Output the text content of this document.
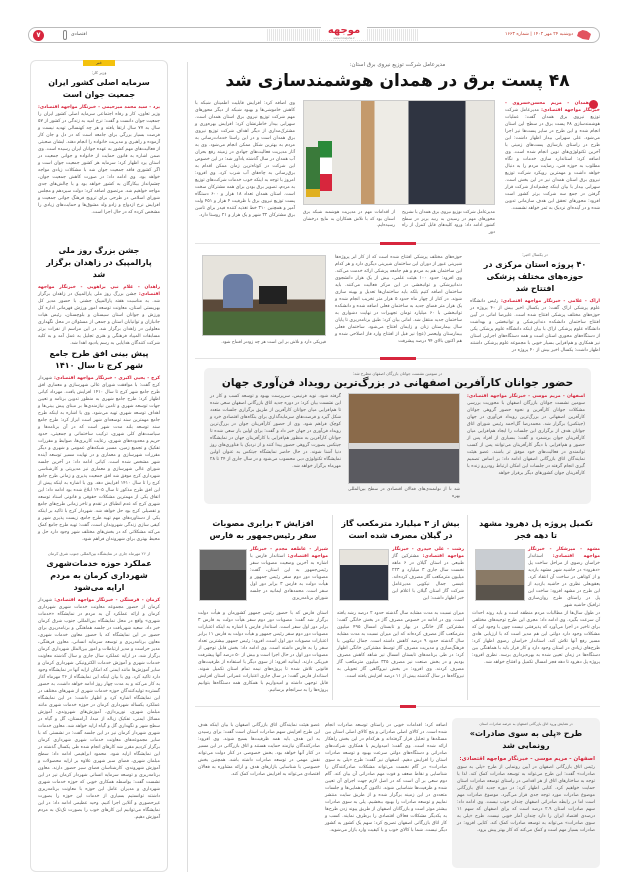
دوشنبه ۲۴ مهر ۱۴۰۲ | شماره ۱۶۶۳
موجهه
www.mowjehe.ir
اقتصادی
۷
خبر
وزیر کار:
سرمایه اصلی کشور ایران جمعیت جوان است
یزد - سید محمد میرحیمی - خبرنگار مواجهه اقتصادی: وزیر تعاون، کار و رفاه اجتماعی سرمایه اصلی کشور ایران را جمعیت جوان دانست و گفت: نرخ امید به زندگی در کشور از ۵۷ سال به ۷۷ سال ارتقا یافته و هر چه کهنسالی تهدید نیست و فرصت بسیار بزرگی برای جامعه است که در دل و جان کار آزموده و راهبری و مدیریت خانواده را انجام دهند. ایشان صحبتی از فعالیت‌های مهم کشور به عهده جوانان ایران رسیده است. وی ضمن اشاره به قانون حمایت از خانواده و جوانی جمعیت در استان یزد اظهار کرد: سرمایه هر کشور جمعیت جوان است و اگر کشوری فاقد جمعیت جوان شد با مشکلات زیادی مواجه خواهد بود. وی ادامه داد: در صورت کاهش جمعیت جوان، چشم‌انداز بیکارگان به کشور خواهد بود و با چالش‌های جدی مواجه خواهیم شد. مرتضوی اضافه کرد: دولت سیزدهم و مجلس شورای اسلامی در طرحی برای ترویج فرهنگ جوانی جمعیت و افزایش نرخ ازدواج و زادو ولد مشوق‌ها و حمایت‌های زیادی را مشخص کرده که در حال اجرا است.
جشن بزرگ روز ملی پارالمپیک در زاهدان برگزار شد
زاهدان - غلام نبی براهویی - خبرنگار مواجهه اقتصادی: جشن بزرگ روز ملی پارالمپیک در زاهدان برگزار شد. به مناسبت هفته پارالمپیک جشنی با حضور مدیر کل بهزیستی استان، معاونت توسعه امور ورزش قهرمانی اداره کل ورزش و جوانان استان سیستان و بلوچستان، رئیس هیات جانبازان و توانیابان استان و جمعی از مسئولان در محل نگهداری معلولین در زاهدان برگزار شد. در این مراسم از نفرات برتر مسابقات المپیاد فرهنگی و هنری تجلیل به عمل آمد و به کلیه شرکت کنندگان هدایایی به رسم یادبود اهدا شد.
پیش بینی افق طرح جامع شهر کرج تا سال ۱۴۱۰
کرج - یحیی اکبری - خبرنگار مواجهه اقتصادی: شهردار کرج گفت: با موافقت شورای عالی شهرسازی و معماری افق طرح جامع شهر کرج تا سال ۱۴۱۰ افزایش یافت. مهرداد کیانی اظهار کرد: طرح جامع شهری به منظور تدوین برنامه و تعیین جهات توسعه شهری و تامین نیازمندی‌ها بر مبنای پیش بینی‌ها و اهداف توسعه شهری تهیه می‌شود. وی با اشاره به اینکه طرح جامع مهمترین سند توسعه‌ای شهر است ابراز کرد: طرح جامع سند توسعه بلند مدت شهر است که در آن برنامه‌ها و سیاست‌های کلی شهری، ترکیب ساختمانی و جمعیتی، حدود حریم و محدوده‌های شهری، رعایت کاربری‌ها، ضوابط و مقررات تفکیک و تجمیع زمین، مسیر شبکه‌های عمومی و شهری و دیگر مقررات شهرسازی و معماری و در نهایت مسیر توسعه آینده شهر مشخص شده است. کیانی ادامه داد: در آخرین جلسه شورای عالی شهرسازی و معماری نیز مدیریتی و کارشناسی شهرداری کرج موفق شد افق جمعیت پذیری و زمانی طرح جامع کرج را تا سال ۱۴۱۰ افزایش دهد. وی با اشاره به اینکه پیش از این افق طرح مذکور تا سال ۱۴۰۵ ابلاغ شده بود ادامه داد: این اتفاق یکی از مهمترین مشکلات حقوقی و قانونی اسناد توسعه شهری کرج که عدم انطباق در تقدم و تاخر زمانی طرح‌های جامع و تفصیلی کرج بود حل خواهد شد. شهردار کرج با تاکید بر اینکه یکی از دستاوردهای مهم تهیه طرح جامع، زیست پذیری شهر و کیفی سازی زندگی شهروندان است، گفت: تهیه طرح جامع کمک می‌کند مشکلاتی که در بخش‌های مختلف شهر وجود دارد حل و محیط بهتری برای شهروندان فراهم شود.
از ۲۶ مهرماه جاری در نمایشگاه بین‌المللی جنوب شرق کرمان
عملکرد حوزه خدمات‌شهری شهرداری کرمان به مردم ارایه می‌شود
کرمان - فرستگی - خبرنگار مواجهه اقتصادی: شهردار کرمان از حضور مجموعه معاونت خدمات شهری شهرداری کرمان و ارائه عملکرد آن به مردم در نمایشگاه «خدمات شهری» واقع در محل نمایشگاه بین‌المللی جنوب شرق کرمان خبر داد. سعید شهربافت در جلسه هماهنگی و برنامه‌ریزی برای حضور در این نمایشگاه که با حضور معاون خدمات شهری، معاون برنامه‌ریزی و توسعه سرمایه انسانی، معاون فرهنگی، مدیر حراست و مدیر ارتباطات و امور بین‌الملل شهرداری کرمان برگزار شد، در ارایه عملکرد سال جاری و سال گذشته معاونت خدمات شهری و آموزش خدمات الکترونیکی شهرداری کرمان و سایر آموزش‌ها مانند ایمنی که امکان ارایه آنها در نمایشگاه وجود دارد تاکید کرد. وی با بیان اینکه این نمایشگاه از ۲۶ مهرماه آغاز به کار می‌کند و به مدت چهار روز ادامه خواهد داشت، به حضور گسترده تولیدکنندگان حوزه خدمات شهری از شهرهای مختلف در این نمایشگاه اشاره کرد و اظهار داشت: در این نمایشگاه عملکرد یکساله شهرداری کرمان در حوزه خدمات شهری مانند مبلمان شهری، نورپردازی، آموزش‌های شهروندی، آموزش مسائل ایمنی، تفکیک زباله از مبدا، آرامستان، گل و گیاه در سطح شهر و نگهداری گل و گیاه ارایه خواهد شد. معاون خدمات شهری شهردار کرمان نیز در این جلسه گفت: در نشستی که با سایر مجموعه‌های معاونت خدمات شهری شهرداری کرمان برگزار کردیم مقرر شد کارهای انجام شده طی یکسال گذشته در این نمایشگاه ارایه شود. محمود ابراهیمی ادامه داد: سطح مبلمان شهری، فضای سبز شهری علاوه بر ارایه محصولات و آموزش شهروندی، کارشناسان فضای سبز حضور دارند. معاون برنامه‌ریزی و توسعه سرمایه انسانی شهردار کرمان نیز در این نشست گفت: بواسطه همکاری خوبی که حوزه خدمات شهری شهرداری و مدیران عامل این حوزه با معاونت برنامه‌ریزی داشتند توانستیم بسیاری از خدمات این حوزه را بصورت غیرحضوری و آنلاین اجرا کنیم. وحید عظیمی ادامه داد: در این نمایشگاه می‌توانیم این کارهای خوب را بصورت تک‌تک به مردم آموزش دهیم.
مدیرعامل شرکت توزیع نیروی برق استان:
۴۸ پست برق در همدان هوشمندسازی شد
همدان - مریم محسن‌خسروی - خبرنگار مواجهه اقتصادی: مدیرعامل شرکت توزیع نیروی برق همدان گفت: عملیات هوشمندسازی ۴۸ پست برق در سطح این استان انجام شده و این طرح در سایر پست‌ها نیز اجرا می‌شود. علی سهرابی بیدار اظهار داشت: این طرح در راستای بازسازی پست‌های زمینی با آخرین تکنولوژی‌های نوین انجام شده است. وی اضافه کرد: استاندارد سازی خدمات و نگاه مطلوب به حوزه فنی، رضایت مردم را به دنبال خواهد داشت و مهمترین رویکرد شرکت توزیع نیروی برق استان همدان نیز در این بخش است. سهرابی بیدار با بیان اینکه چشم‌انداز شرکت قرار گرفتن در جمع سه شرکت برتر کشور است افزود: محورهای تحقق این هدف سازمانی تدوین شده و در آینده‌ای نزدیک به ثمر خواهد نشست.
مدیرعامل شرکت توزیع نیروی برق همدان با تشریح محورهای مهم در رسیدن به رتبه برتر در سطح کشور ادامه داد: ورود کلیدهای قابل کنترل از راه دور
از اقدامات مهم در مدیریت هوشمند شبکه برق استان بود که با تلاش همکاران به نتایج درخشان رسیده‌ایم.
وی اضافه کرد: افزایش قابلیت اطمینان شبکه با کاهش خاموشی‌ها و بهبود شبکه از دیگر محورهای مهم شرکت توزیع نیروی برق استان همدان است. سهرابی بیدار خاطرنشان کرد: افزایش بهره‌وری و مشترک‌مداری از دیگر اهداف شرکت توزیع نیروی برق همدان است و در این راستا خدمات‌رسانی به مردم به بهترین شکل ممکن انجام می‌شود. وی به آثار مدیریت فعالیت‌های جهادی در زمینه رفع بحران آب همدان در سال گذشته یادآور شد: در این خصوص این شرکت در کوتاه‌ترین زمان ممکن اقدام به برق‌رسانی به چاه‌های آب شرب کرد. وی افزود: امروز با توجه به اینکه خوب خدمات شرکت‌های توزیع به مردم، تصویر برق بودن برای همه مشترکان سخت است. استان همدان تعداد ۱۸ هزار و ۶۰۰ دستگاه پست توزیع نیروی برق با ظرفیت ۴ هزار و ۴۵۱ ولت آمپر و همچنین ۳۱۰ خط تغذیه کننده فیدر برای تامین برق مشترکان ۳۲ شهر و یک هزار و ۲۱ روستا دارد.
در یکسال اخیر:
۴۰ پروژه استان مرکزی در حوزه‌های مختلف پزشکی افتتاح شد
اراک - غلامی - خبرنگار مواجهه اقتصادی: رئیس دانشگاه علوم پزشکی اراک گفت: در یکسال اخیر بیش از ۴۰ پروژه در حوزه‌های مختلف پزشکی افتتاح شده است. علیرضا امانی در آیین افتتاح ساختمان دانشکده دندانپزشکی و توانبخشی و بهداشت دانشگاه علوم پزشکی اراک با بیان اینکه دانشگاه علوم پزشکی یکی از دستگاه‌های محوری استان است و همه دستگاه‌های اجرایی استان نیز همکاری و هم‌افزایی بسیار خوبی با مجموعه علوم پزشکی داشتند اظهار داشت: یکسال اخیر بیش از ۴۰ پروژه در
حوزه‌های مختلف پزشکی افتتاح شده است که از کار ابر پروژه‌ها شیرینی عبور از دوران این ساختمان شیرینی دیگری دارد و هر کدام این ساختمان هم به مردم و هم جامعه پزشکی ارائه خدمت می‌کند. وی افزود: حدود ۱۰۰ هیئت علمی، بیش از یک هزار دانشجوی دندانپزشکی و توانبخشی در این مرکز فعالیت می‌کنند. باید ساختمان اضافه کنیم بلکه باید ساختمان‌ها تعدیل و بهینه سازی شوند. در کنار از چهار ماه حدود ۵ هزار متر تخریب انجام شده و یک هزار متر فضای جدید به ساختمان فعلی اضافه شده و دانشکده توانبخشی با ۶۰ میلیارد تومان تجهیزات در نهایت دشواری به ساختمان جدید منتقل شد. امانی بیان کرد: طبق برنامه‌ریزی تا پایان سال بیمارستان زنان و زایمان افتتاح می‌شود. ساختمان فعلی بیمارستان ولیعصر (عج) نیز قبل از افتتاح وارد فاز اصلاحی شده و هم اکنون بالای ۹۴ درصد پیشرفت
فیزیکی دارد و تلاش بر این است هر چه زودتر افتتاح شود.
در سومین نشست جوانان بازرگان اصفهان مطرح شد:
حضور جوانان کارآفرین اصفهانی در بزرگ‌ترین رویداد فن‌آوری جهان
اصفهان - مریم موسی - خبرنگار مواجهه اقتصادی: سومین نشست جوانان بازرگان اصفهان با محوریت بررسی مشکلات جوانان کارآفرین و نحوه حضور گروهی جوانان کارآفرین اصفهانی در بزرگ‌ترین رویداد فن‌آوری در جهان (جیتکس) برگزار شد. محمدرضا گل‌احمد رئیس شورای اتاق جوانان هدف از برگزاری این جلسات را ایجاد هم‌افزایی میان کارآفرینان جوان برشمرد و گفت: بسیاری از افراد پس از حضور و هم‌افزایی با دیگر کارآفرینان می‌توانند پس از کسب توانمندی در فعالیت‌های خود موفق تر باشند. عضو هیئت نمایندگان اتاق بازرگانی اصفهان ادامه داد: بر اساس تصمیم گیری انجام گرفته در جلسات این امکان ارتباط رودررو زنده با کارآفرینان جوان کشورهای دیگر برقرار خواهد
شد تا از توانمندی‌های فعالان اقتصادی در سطح بین‌المللی بهره
گرفته شود. نوید فرنیس، سرپرست بهبود و توسعه کسب و کار در این نشست بیان کرد: در دوره جدید اتاق بازرگانی اصفهان سعی شده تا هم‌افزایی میان جوانان کارآفرین از طریق برگزاری جلسات متعدد شکل گیرد و فرصت‌های سرمایه‌گذاری برای بنگاه‌های اقتصادی خرد و کوچک فراهم شود. وی از حضور کارآفرینان جوان در بزرگ‌ترین رویداد فن‌آوری در جهان خبر داد و گفت: برای اولین بار سعی شده تا جوانان کارآفرین به منظور هم‌افزایی با کارآفرینان جهان در نمایشگاه جیتکس بصورت گروهی حضور پیدا کنند و از نزدیک با فناوری‌های روز دنیا آشنا شوند. در حال حاضر نمایشگاه جیتکس به عنوان اولین نمایشگاه تکنولوژی دبی محسوب می‌شود و در سال جاری از ۲۴ تا ۲۸ مهرماه برگزار خواهد شد.
تکمیل پروژه پل دهرود مشهد تا دهه فجر
مشهد - میرشکار - خبرنگار مواجهه اقتصادی: استاندار خراسان رضوی از مراحل ساخت پل «دهرود» در حاشیه شهر مشهد بازدید و از کوتاهی در ساخت آن انتقاد کرد. یعقوبعلی نظری در حاشیه بازدید از این طرح در مشهد افزود: ساخت این پل در راستای طرح روان‌سازی ترافیک حاشیه شهر
در طول سال‌ها از مطالبات مردم منطقه است و باید روند احداث آن سرعت بگیرد. وی ادامه داد: مجری این طرح توجیه‌های مختلفی برای تاخیر در اجرا می‌آورد که پذیرفتنی نیست چون با وجود این که مشکلات وجود دارد دولتی این هم مدیر است که با ارزیابی هادی مسیر رفع آنها تلاش کند. استاندار خراسان رضوی اظهار کرد: طرح‌های زیادی در استان وجود دارد و کار قرار باید با هماهنگی بین دستگاه‌ها در زمان تعیین شده به بهره‌برداری برسد. نظری افزود: پروژه پل دهرود تا دهه فجر امسال تکمیل و افتتاح خواهد شد.
بیش از ۳ میلیارد مترمکعب گاز در گیلان مصرف شده است
رشت - علی حیدری - خبرنگار مواجهه اقتصادی: مشترکین گاز طبیعی در استان گیلان در ۶ ماهه نخست سال جاری ۳ میلیارد و ۲۲۳ میلیون مترمکعب گاز مصرف کرده‌اند. عیسی جمال نیکویی مدیرعامل شرکت گاز استان گیلان با اعلام این خبر اظهار داشت: این
میزان نسبت به مدت مشابه سال گذشته حدود ۲ درصد رشد یافته است. وی در ادامه در خصوص مصرف گاز در بخش خانگی گفت: مشترکین گاز خانگی در بهار و تابستان امسال ۴۹۵ میلیون مترمکعب گاز مصرف کرده‌اند که این میزان نسبت به مدت مشابه سال گذشته حدود ۹ درصد کاهش داشته است. جمال نیکویی با فرهنگ‌سازی و مدیریت مصرف گاز توسط مشترکین خانگی اظهار کرد: در طی برنامه‌های تابستان امسال نیز شاهد کاهش مصرف بودیم و در بخش صنعت نیز مصرف ۳۲۵ میلیون مترمکعب گاز مصرف کردند. وی افزود: در بخش نیروگاهی گاز تحویلی به نیروگاه‌ها در سال گذشته بیش از ۱۱ درصد افزایش یافته است.
افزایش ۳ برابری مصوبات سفر رئیس‌جمهور به فارس
شیراز - عاطفه مجدم - خبرنگار مواجهه اقتصادی: استاندار فارس با اشاره به آخرین وضعیت مصوبات سفر رئیس‌جمهور به این استان، گفت: مصوبات دور دوم سفر رئیس جمهور و هیأت دولت به فارس ۳ برابر دور اول سفر است. محمدهادی ایمانیه در جلسه شورای برنامه‌ریزی
استان فارس که با حضور رئیس جمهور کشورمان و هیأت دولت برگزار شد گفت: مصوبات دور دوم سفر هیأت دولت به فارس ۳ برابر دور اول سفر است. استاندار فارس با اشاره به اینکه اعتبارات مصوبات دور دوم سفر رئیس جمهور و هیأت دولت به فارس ۱۱ برابر اعتبارات مصوبات دور اول است، افزود: رئیس جمهور بیشترین تعداد سفر را به فارس داشته است. وی ادامه داد: بخش قابل توجهی از مصوبات دور اول در حال اجرا است و بیش از ۵۰ درصد آنها پیشرفت فیزیکی دارند. ایمانیه افزود: از سوی دیگر با استفاده از ظرفیت‌های قانونی تلاش شده تا پروژه‌های نیمه تمام استان تکمیل شوند. استاندار فارس گفت: در سال جاری اعتبارات عمرانی استان افزایش قابل توجهی داشته و امیدواریم با همکاری همه دستگاه‌ها بتوانیم پروژه‌ها را به سرانجام برسانیم.
در همایش ورود اتاق بازرگانی اصفهان به عرصه صادرات استان
طرح «پلی به سوی صادرات» رونمایی شد
اصفهان - مریم موسی - خبرنگار مواجهه اقتصادی:
رئیس اتاق بازرگانی اصفهان در آیین رونمایی از طرح «پلی به سوی صادرات» گفت: این طرح می‌تواند به توسعه صادرات کمک کند. لذا با توجه به ساختار‌های اتاق از هر اقدامی در راستای توسعه صادرات استان حمایت خواهیم کرد. کتایی اظهار کرد: در دوره جدید اتاق بازرگانی موضوع صادرات مورد توجه جدی قرار می‌گیرد. موضوع صادرات مهم است اما در رابطه صادراتی اصفهان چندان خوب نیست. وی ادامه داد: سهم صادرات استان ۲.۹ درصد است که برای اصفهان که سهم ۱۱ درصدی اقتصاد ایران را دارد چندان آمار خوبی نیست. طرح «پلی به سوی صادرات» می‌تواند به توسعه صادرات کمک کند. کتایی افزود: در صادرات بسیار مهم است و کمک می‌کند که کار بهتر پیش برود.
اضافه کرد: اقدامات خوبی در راستای توسعه صادرات انجام شده است. در کالای اصلی صادراتی و پنج کالای اصلی استان بین مسئله‌ها و تحلیل قرار گرفته‌اند و هرکدام در این بخش راهکار ارائه شده است. وی گفت: امیدواریم با همکاری شرکت‌های صادراتی و دستگاه‌های دولتی سرعت بهبود و توسعه صادرات استان را افزایش دهیم. اصفهان نیز گفت: طرح «پلی به سوی صادرات» در گام نخست می‌تواند مشکلات صادرکنندگان را شناسایی و نقاط ضعف و قوت مهم صادراتی آن بیان کند. گام دوم سعی بر آن است که در اصل لازم جهت اجرای آن تعیین شده و ظرفیت‌ها شناسایی شوند. تاکنون گردهمایی‌ها و جلسات متعددی در این زمینه برگزار شده و از طریق سایت منتشر نماییم و توسعه صادرات را بهبود ببخشیم. پلی به سوی صادرات بیشتر موثر است و بازرگانان اصفهان از طریق پیوند زدن طرح‌ها به یکدیگر مشکلات فعالان اقتصادی را برطرف نمایند. کسب و کار اتاق بازرگانی اصفهان تصریح کرد: سهم یک کشور به کشور دیگر نیست. شما با کالای خوب و با کیفیت وارد بازار می‌شوید.
عضو هیئت نمایندگان اتاق بازرگانی اصفهان با بیان اینکه هدف این طرح افزایش سهم صادرات استان است گفت: برای رسیدن به این هدف باید همه ظرفیت‌ها بسیج شوند. وی افزود: صادرکنندگان نیازمند حمایت هستند و اتاق بازرگانی در این مسیر در کنار آنها خواهد بود. بخش خصوصی در کنار دولت می‌تواند نقش مهمی در توسعه صادرات داشته باشد. همچنین بخش خصوصی با شناسایی بازارهای هدف و ارائه مشاوره به فعالان اقتصادی می‌تواند به افزایش صادرات کمک کند.
